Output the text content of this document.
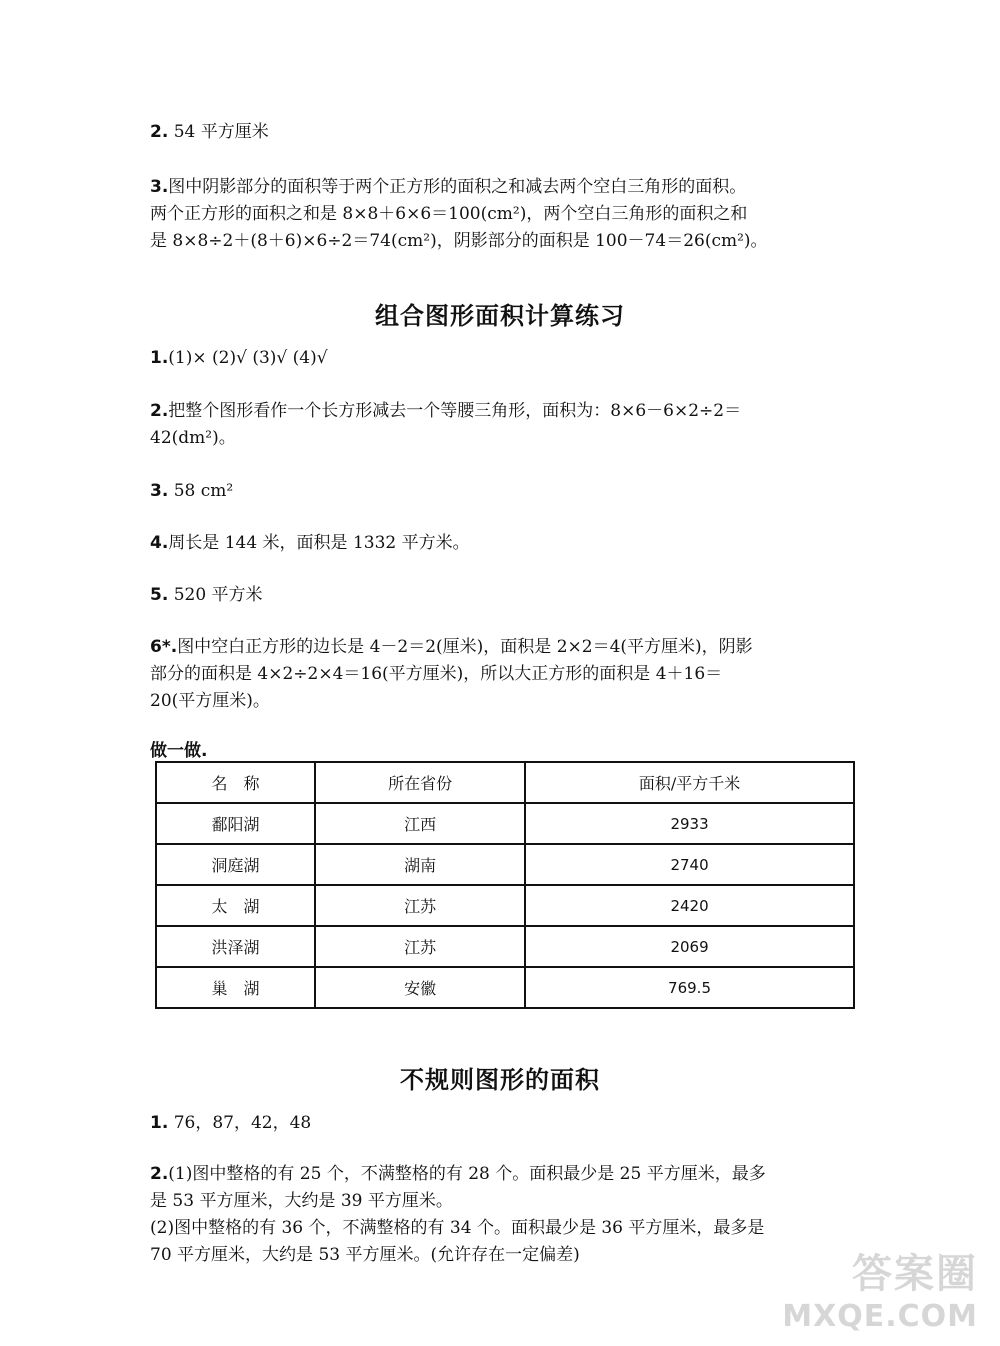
2. 54 平方厘米
3.图中阴影部分的面积等于两个正方形的面积之和减去两个空白三角形的面积。
两个正方形的面积之和是 8×8＋6×6＝100(cm²)，两个空白三角形的面积之和
是 8×8÷2＋(8＋6)×6÷2＝74(cm²)，阴影部分的面积是 100－74＝26(cm²)。
组合图形面积计算练习
1.(1)× (2)√ (3)√ (4)√
2.把整个图形看作一个长方形减去一个等腰三角形，面积为：8×6－6×2÷2＝
42(dm²)。
3. 58 cm²
4.周长是 144 米，面积是 1332 平方米。
5. 520 平方米
6*.图中空白正方形的边长是 4－2＝2(厘米)，面积是 2×2＝4(平方厘米)，阴影
部分的面积是 4×2÷2×4＝16(平方厘米)，所以大正方形的面积是 4＋16＝
20(平方厘米)。
做一做.
名　称	所在省份	面积/平方千米
鄱阳湖	江西	2933
洞庭湖	湖南	2740
太　湖	江苏	2420
洪泽湖	江苏	2069
巢　湖	安徽	769.5
不规则图形的面积
1. 76，87，42，48
2.(1)图中整格的有 25 个，不满整格的有 28 个。面积最少是 25 平方厘米，最多
是 53 平方厘米，大约是 39 平方厘米。
(2)图中整格的有 36 个，不满整格的有 34 个。面积最少是 36 平方厘米，最多是
70 平方厘米，大约是 53 平方厘米。(允许存在一定偏差)	答案圈
MXQE.COM
